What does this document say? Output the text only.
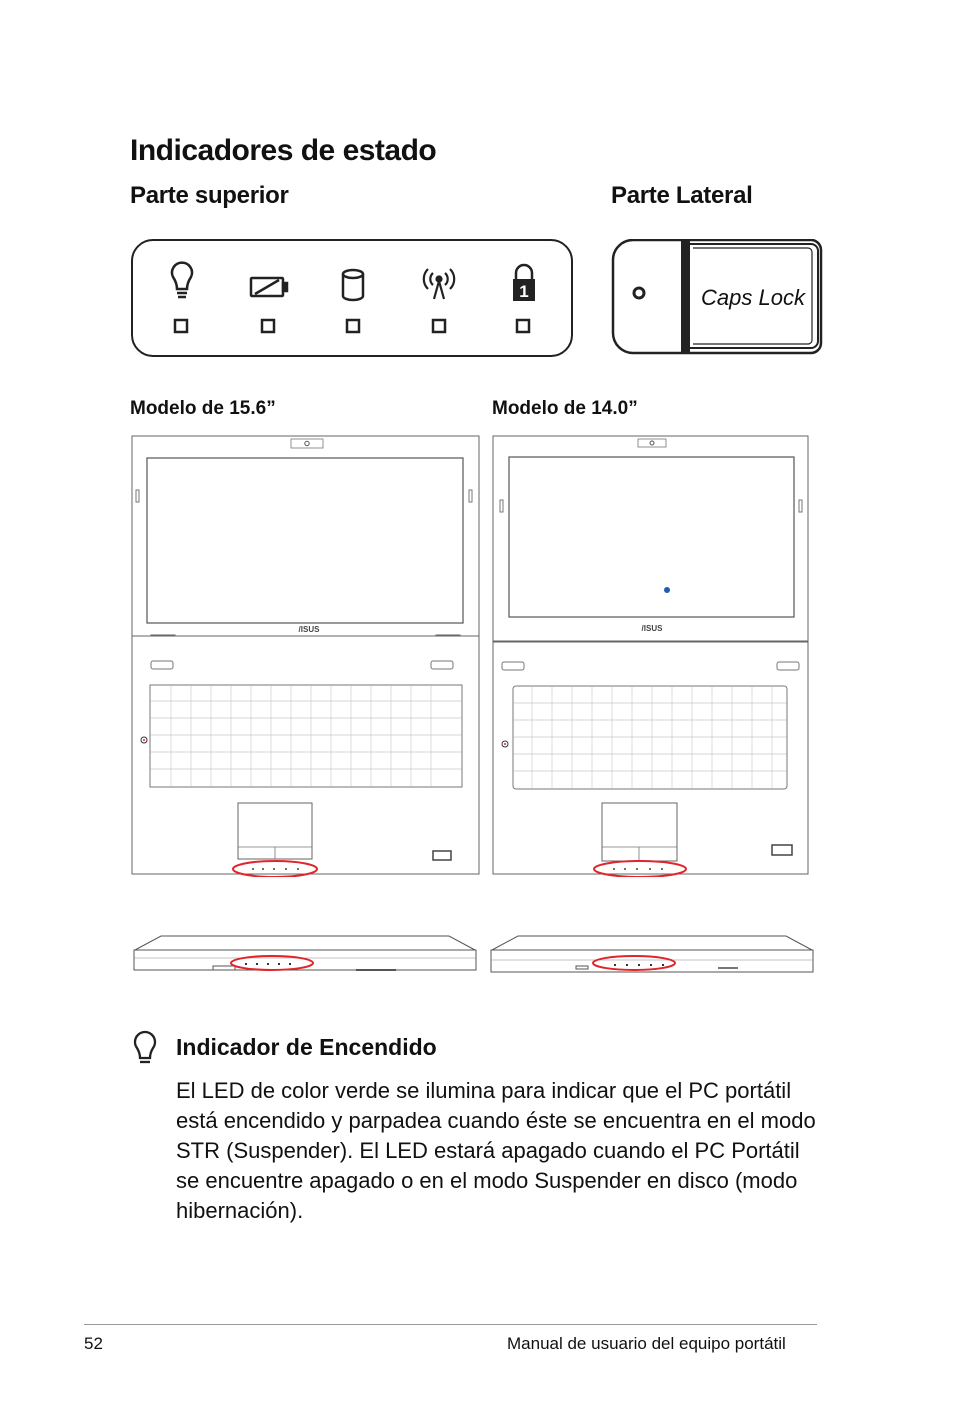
Indicadores de estado
Parte superior	Parte Lateral
1	Caps Lock
Modelo de 15.6”	Modelo de 14.0”
/ISUS	/ISUS
Indicador de Encendido
El LED de color verde se ilumina para indicar que el PC portátil está encendido y parpadea cuando éste se encuentra en el modo STR (Suspender). El LED estará apagado cuando el PC Portátil se encuentre apagado o en el modo Suspender en disco (modo hibernación).
52	Manual de usuario del equipo portátil
